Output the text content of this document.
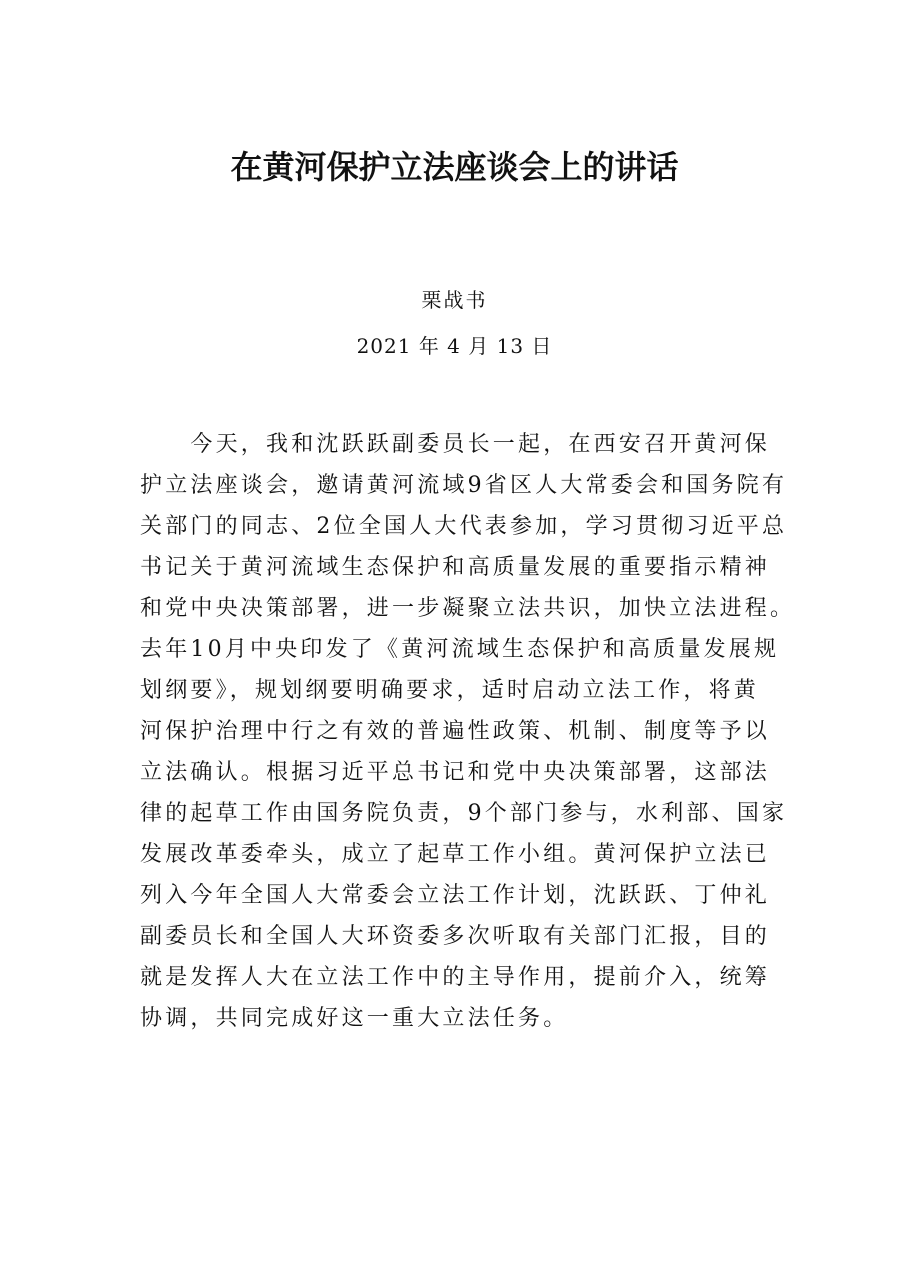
在黄河保护立法座谈会上的讲话
栗战书
2021 年 4 月 13 日
　　今天，我和沈跃跃副委员长一起，在西安召开黄河保
护立法座谈会，邀请黄河流域9省区人大常委会和国务院有
关部门的同志、2位全国人大代表参加，学习贯彻习近平总
书记关于黄河流域生态保护和高质量发展的重要指示精神
和党中央决策部署，进一步凝聚立法共识，加快立法进程。
去年10月中央印发了《黄河流域生态保护和高质量发展规
划纲要》，规划纲要明确要求，适时启动立法工作，将黄
河保护治理中行之有效的普遍性政策、机制、制度等予以
立法确认。根据习近平总书记和党中央决策部署，这部法
律的起草工作由国务院负责，9个部门参与，水利部、国家
发展改革委牵头，成立了起草工作小组。黄河保护立法已
列入今年全国人大常委会立法工作计划，沈跃跃、丁仲礼
副委员长和全国人大环资委多次听取有关部门汇报，目的
就是发挥人大在立法工作中的主导作用，提前介入，统筹
协调，共同完成好这一重大立法任务。
